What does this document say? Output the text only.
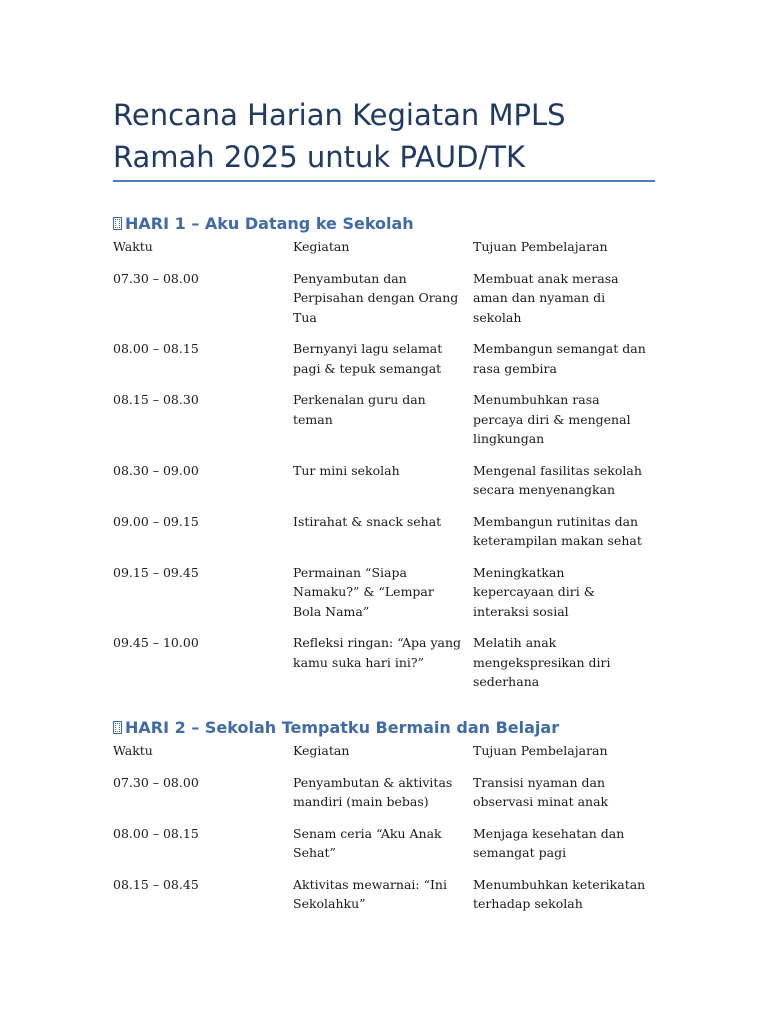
Rencana Harian Kegiatan MPLS Ramah 2025 untuk PAUD/TK
HARI 1 – Aku Datang ke Sekolah
Waktu	Kegiatan	Tujuan Pembelajaran
07.30 – 08.00	Penyambutan dan Perpisahan dengan Orang Tua	Membuat anak merasa aman dan nyaman di sekolah
08.00 – 08.15	Bernyanyi lagu selamat pagi & tepuk semangat	Membangun semangat dan rasa gembira
08.15 – 08.30	Perkenalan guru dan teman	Menumbuhkan rasa percaya diri & mengenal lingkungan
08.30 – 09.00	Tur mini sekolah	Mengenal fasilitas sekolah secara menyenangkan
09.00 – 09.15	Istirahat & snack sehat	Membangun rutinitas dan keterampilan makan sehat
09.15 – 09.45	Permainan “Siapa Namaku?” & “Lempar Bola Nama”	Meningkatkan kepercayaan diri & interaksi sosial
09.45 – 10.00	Refleksi ringan: “Apa yang kamu suka hari ini?”	Melatih anak mengekspresikan diri sederhana
HARI 2 – Sekolah Tempatku Bermain dan Belajar
Waktu	Kegiatan	Tujuan Pembelajaran
07.30 – 08.00	Penyambutan & aktivitas mandiri (main bebas)	Transisi nyaman dan observasi minat anak
08.00 – 08.15	Senam ceria “Aku Anak Sehat”	Menjaga kesehatan dan semangat pagi
08.15 – 08.45	Aktivitas mewarnai: “Ini Sekolahku”	Menumbuhkan keterikatan terhadap sekolah
